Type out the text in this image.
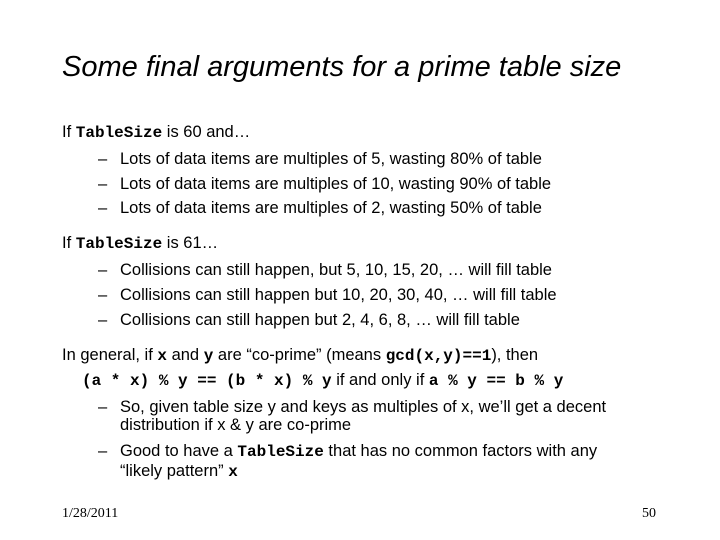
Some final arguments for a prime table size
If TableSize is 60 and…
– Lots of data items are multiples of 5, wasting 80% of table
– Lots of data items are multiples of 10, wasting 90% of table
– Lots of data items are multiples of 2, wasting 50% of table
If TableSize is 61…
– Collisions can still happen, but 5, 10, 15, 20, … will fill table
– Collisions can still happen but 10, 20, 30, 40, … will fill table
– Collisions can still happen but 2, 4, 6, 8, … will fill table
In general, if x and y are “co-prime” (means gcd(x,y)==1), then
(a * x) % y == (b * x) % y if and only if a % y == b % y
– So, given table size y and keys as multiples of x, we’ll get a decent
distribution if x & y are co-prime
– Good to have a TableSize that has no common factors with any
“likely pattern” x
1/28/2011	50
